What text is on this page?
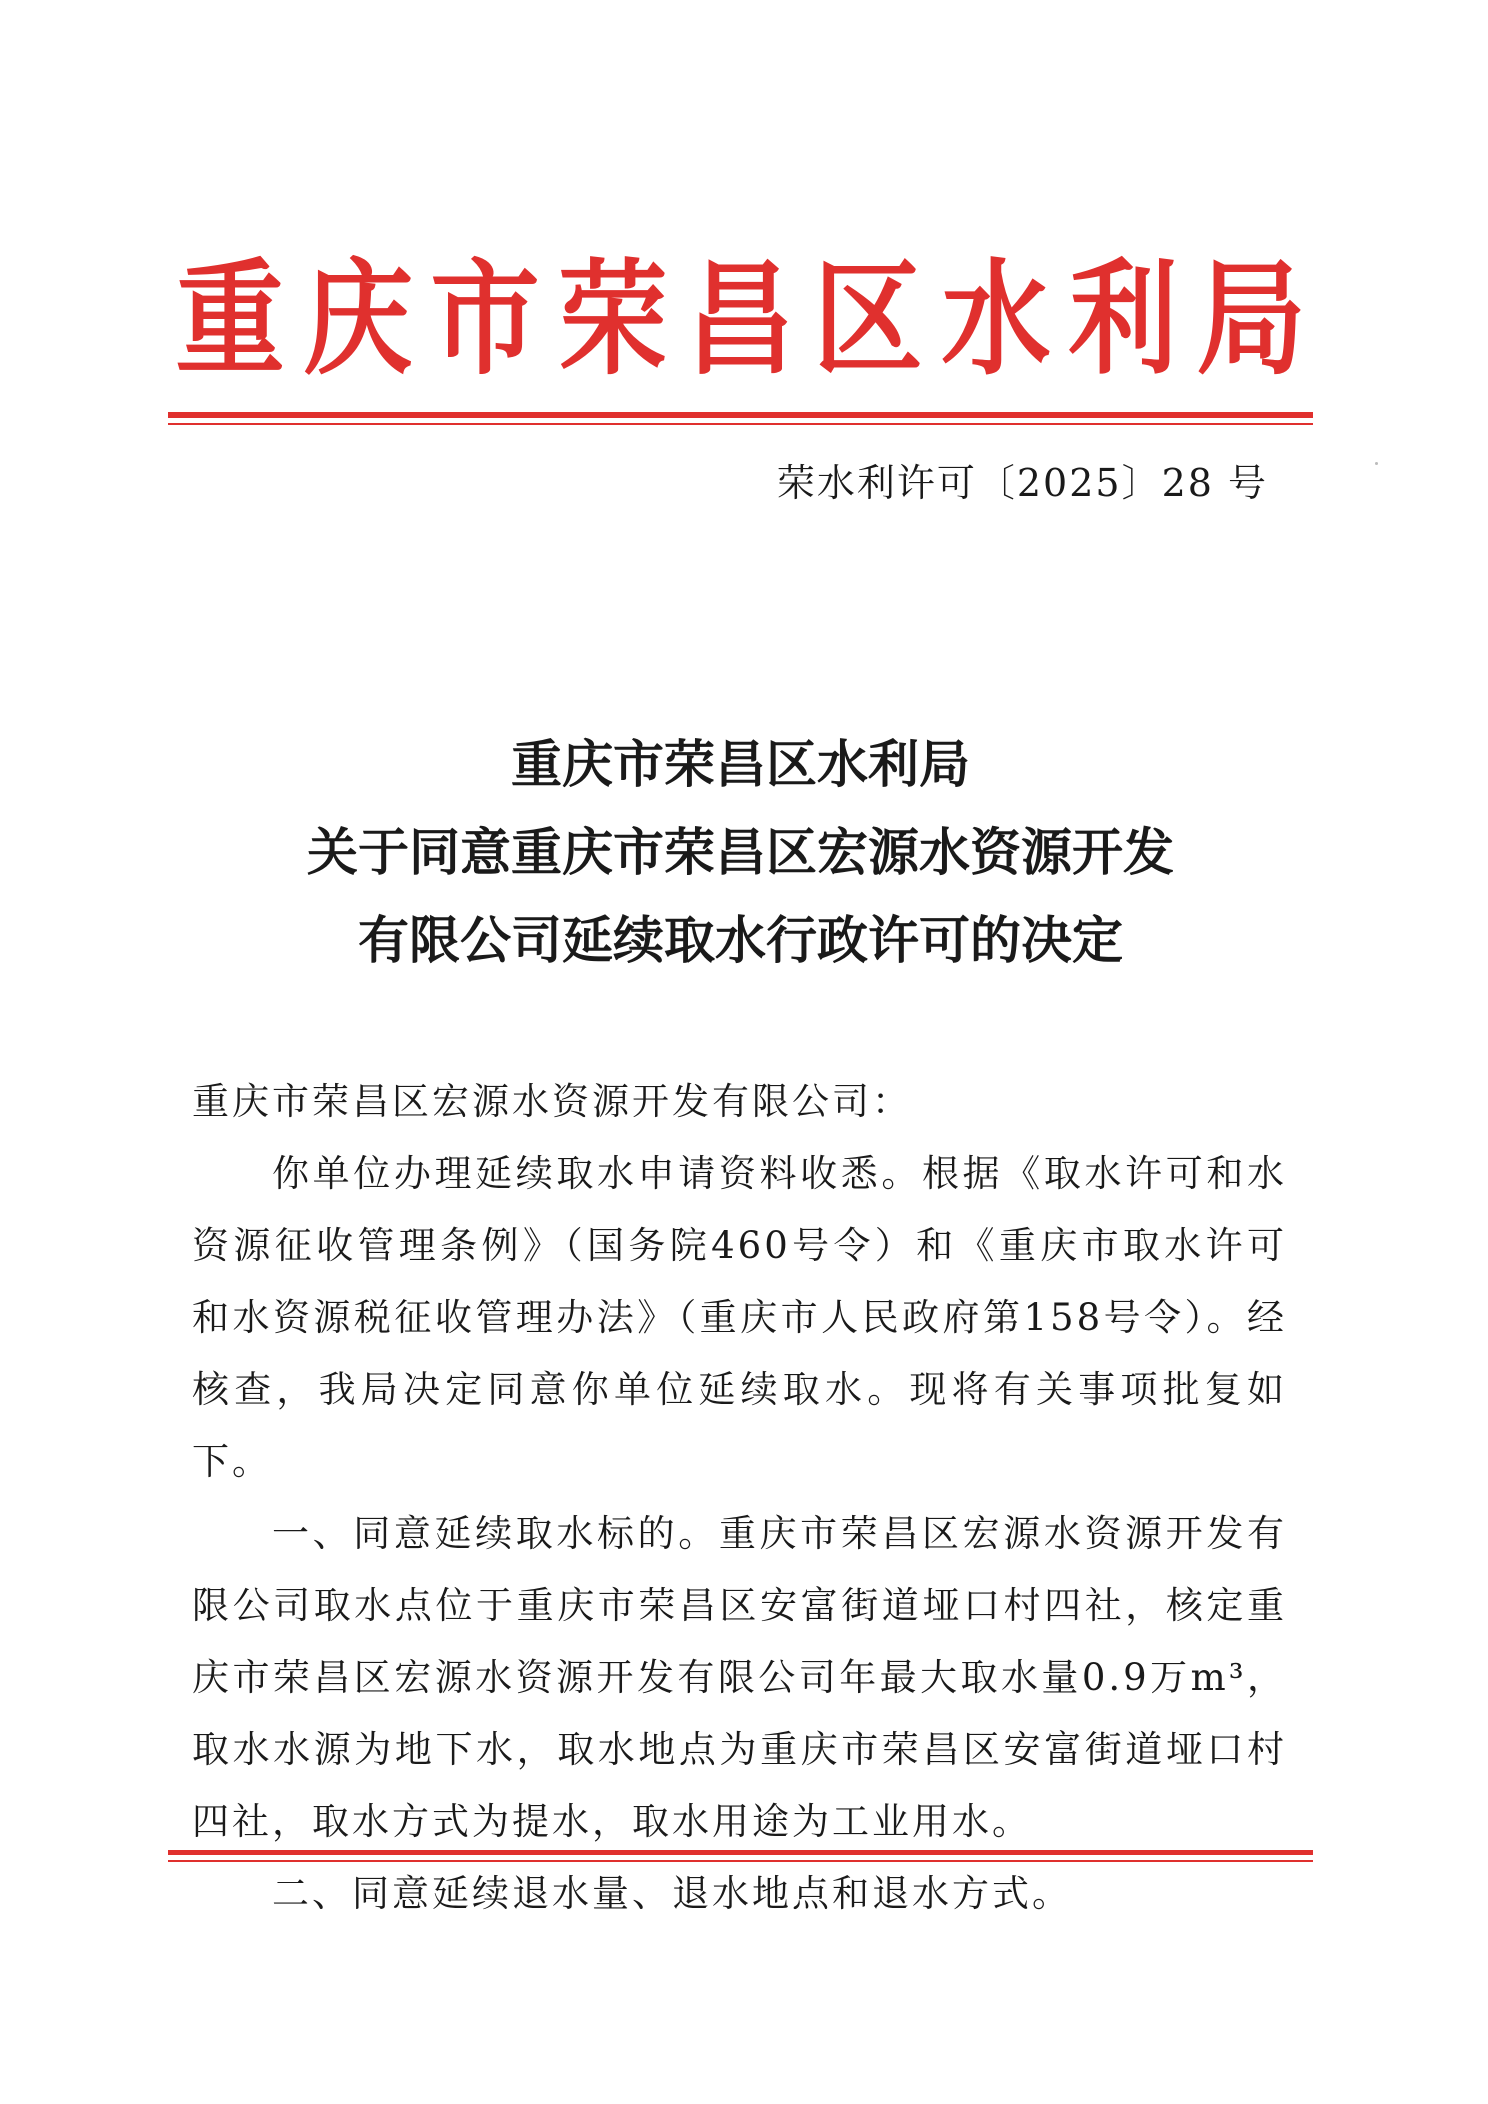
重 庆 市 荣 昌 区 水 利 局
荣水利许可〔2025〕28 号
重庆市荣昌区水利局
关于同意重庆市荣昌区宏源水资源开发
有限公司延续取水行政许可的决定

重庆市荣昌区宏源水资源开发有限公司：

你单位办理延续取水申请资料收悉。根据《取水许可和水资源征收管理条例》（国务院460号令）和《重庆市取水许可和水资源税征收管理办法》（重庆市人民政府第158号令）。经核查，我局决定同意你单位延续取水。现将有关事项批复如下。

一、同意延续取水标的。重庆市荣昌区宏源水资源开发有限公司取水点位于重庆市荣昌区安富街道垭口村四社，核定重庆市荣昌区宏源水资源开发有限公司年最大取水量0.9万m³，取水水源为地下水，取水地点为重庆市荣昌区安富街道垭口村四社，取水方式为提水，取水用途为工业用水。

二、同意延续退水量、退水地点和退水方式。
